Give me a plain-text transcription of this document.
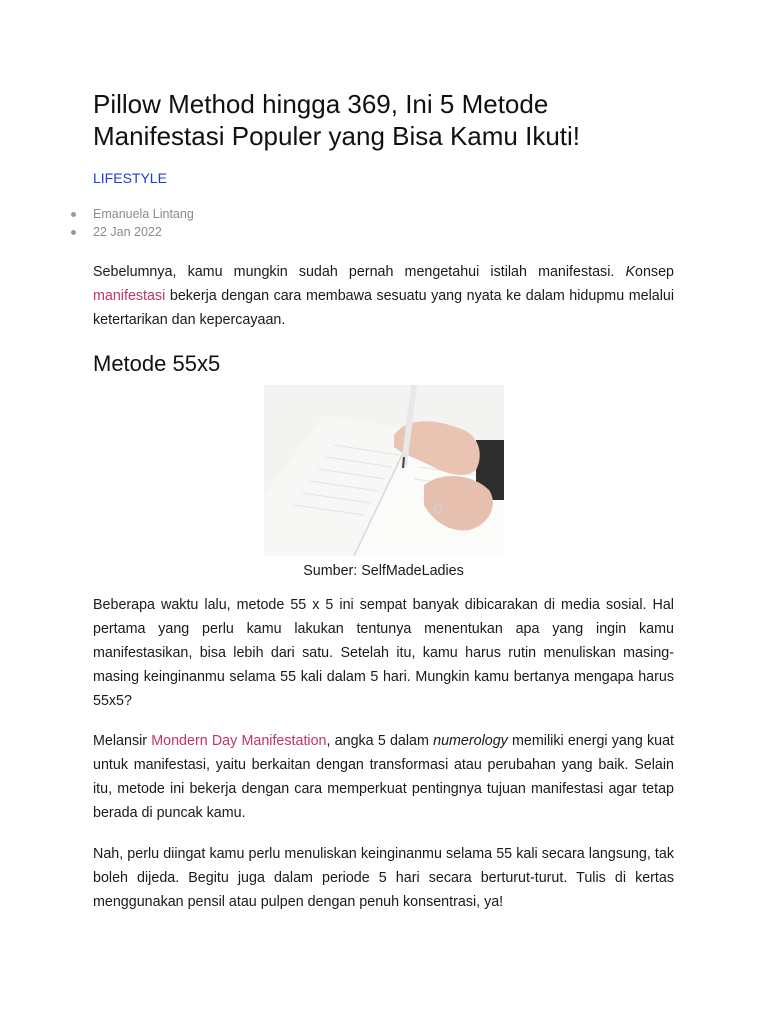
Pillow Method hingga 369, Ini 5 Metode Manifestasi Populer yang Bisa Kamu Ikuti!
LIFESTYLE
Emanuela Lintang
22 Jan 2022

Sebelumnya, kamu mungkin sudah pernah mengetahui istilah manifestasi. Konsep manifestasi bekerja dengan cara membawa sesuatu yang nyata ke dalam hidupmu melalui ketertarikan dan kepercayaan.

Metode 55x5
Sumber: SelfMadeLadies

Beberapa waktu lalu, metode 55 x 5 ini sempat banyak dibicarakan di media sosial. Hal pertama yang perlu kamu lakukan tentunya menentukan apa yang ingin kamu manifestasikan, bisa lebih dari satu. Setelah itu, kamu harus rutin menuliskan masing-masing keinginanmu selama 55 kali dalam 5 hari. Mungkin kamu bertanya mengapa harus 55x5?

Melansir Mondern Day Manifestation, angka 5 dalam numerology memiliki energi yang kuat untuk manifestasi, yaitu berkaitan dengan transformasi atau perubahan yang baik. Selain itu, metode ini bekerja dengan cara memperkuat pentingnya tujuan manifestasi agar tetap berada di puncak kamu.

Nah, perlu diingat kamu perlu menuliskan keinginanmu selama 55 kali secara langsung, tak boleh dijeda. Begitu juga dalam periode 5 hari secara berturut-turut. Tulis di kertas menggunakan pensil atau pulpen dengan penuh konsentrasi, ya!
